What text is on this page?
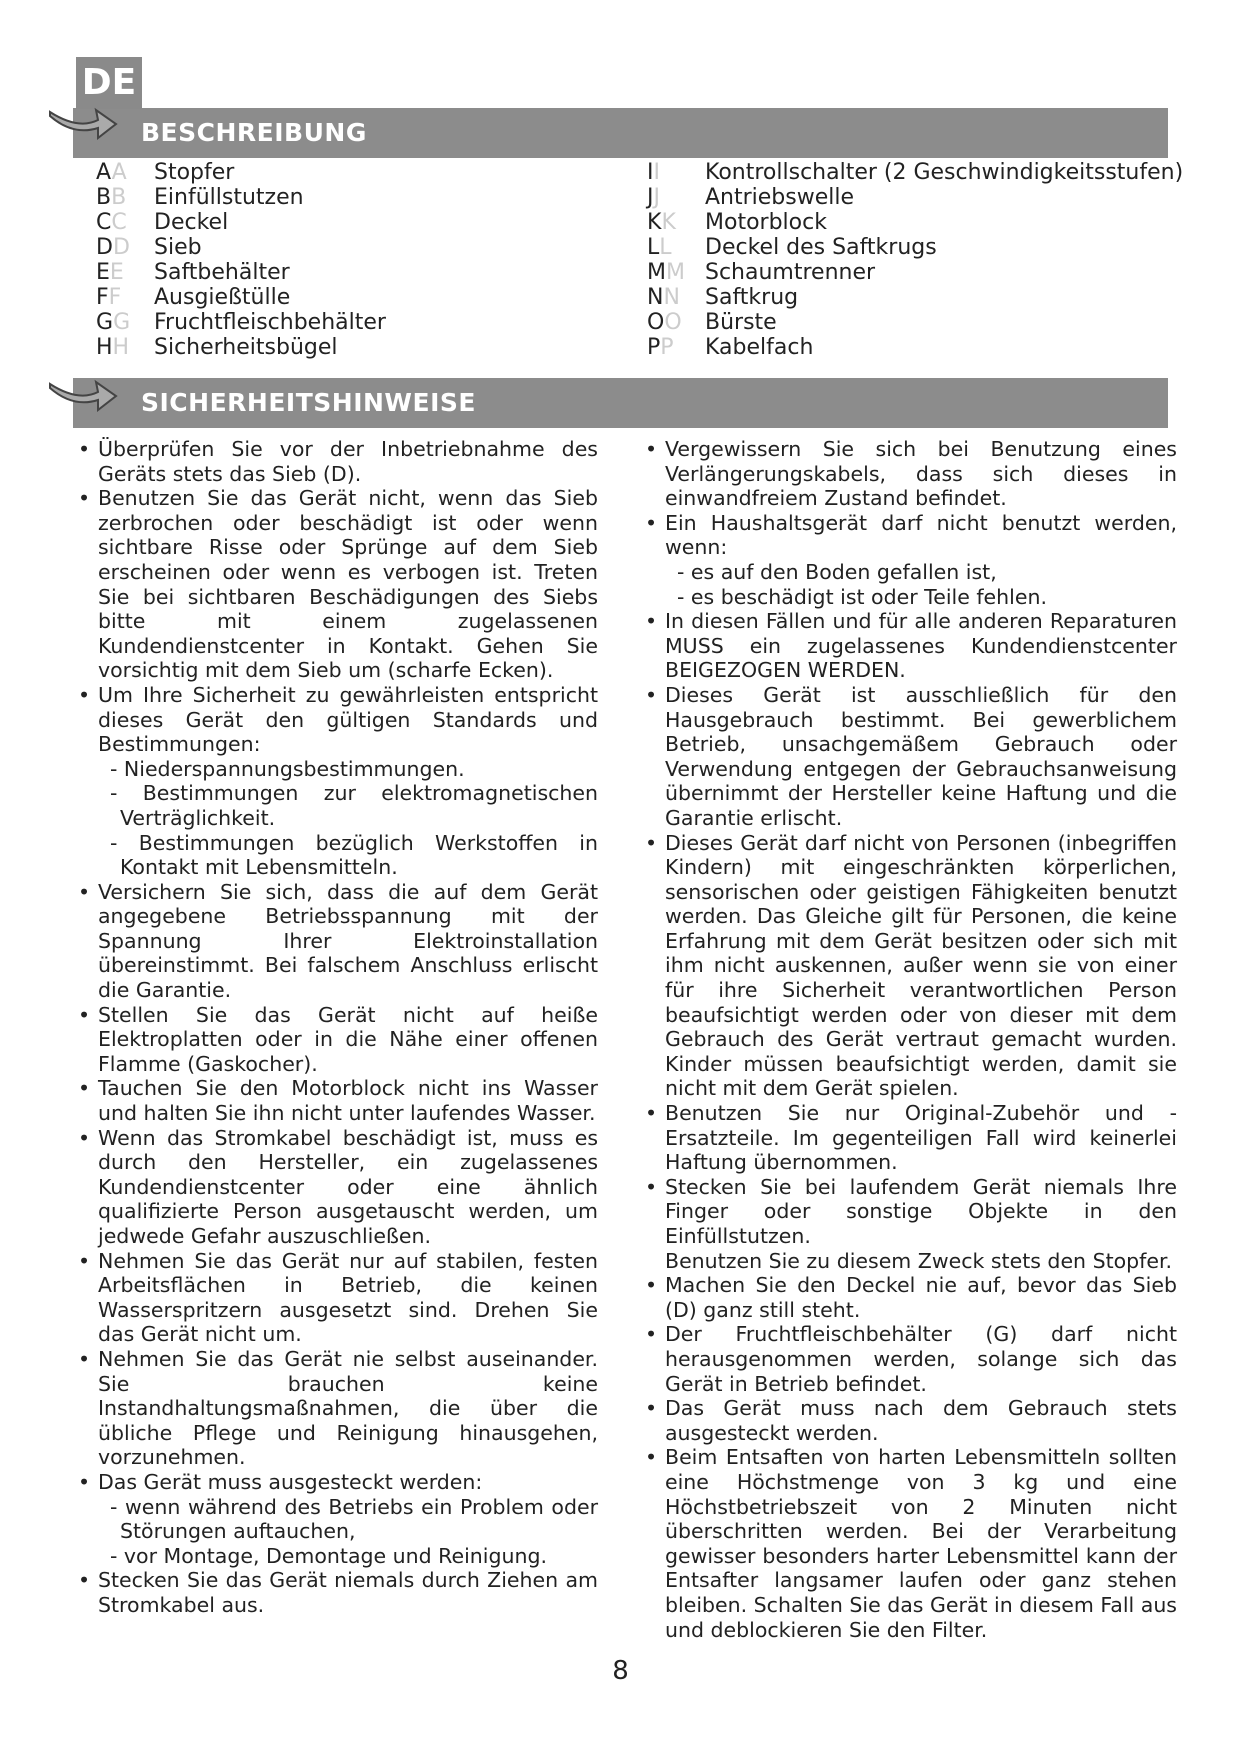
BESCHREIBUNG
DE
AA	Stopfer
BB	Einfüllstutzen
CC	Deckel
DD	Sieb
EE	Saftbehälter
FF	Ausgießtülle
GG	Fruchtfleischbehälter
HH	Sicherheitsbügel
II	Kontrollschalter (2 Geschwindigkeitsstufen)
JJ	Antriebswelle
KK	Motorblock
LL	Deckel des Saftkrugs
MM Schaumtrenner
NN	Saftkrug
OO	Bürste
PP	Kabelfach
SICHERHEITSHINWEISE

• Überprüfen Sie vor der Inbetriebnahme des Geräts stets das Sieb (D).

• Benutzen Sie das Gerät nicht, wenn das Sieb zerbrochen oder beschädigt ist oder wenn sichtbare Risse oder Sprünge auf dem Sieb erscheinen oder wenn es verbogen ist. Treten Sie bei sichtbaren Beschädigungen des Siebs bitte mit einem zugelassenen Kundendienstcenter in Kontakt. Gehen Sie vorsichtig mit dem Sieb um (scharfe Ecken).

• Um Ihre Sicherheit zu gewährleisten entspricht dieses Gerät den gültigen Standards und Bestimmungen:

- Niederspannungsbestimmungen.

- Bestimmungen zur elektromagnetischen Verträglichkeit.

- Bestimmungen bezüglich Werkstoffen in Kontakt mit Lebensmitteln.

• Versichern Sie sich, dass die auf dem Gerät angegebene Betriebsspannung mit der Spannung Ihrer Elektroinstallation übereinstimmt. Bei falschem Anschluss erlischt die Garantie.

• Stellen Sie das Gerät nicht auf heiße Elektroplatten oder in die Nähe einer offenen Flamme (Gaskocher).

• Tauchen Sie den Motorblock nicht ins Wasser und halten Sie ihn nicht unter laufendes Wasser.

• Wenn das Stromkabel beschädigt ist, muss es durch den Hersteller, ein zugelassenes Kundendienstcenter oder eine ähnlich qualifizierte Person ausgetauscht werden, um jedwede Gefahr auszuschließen.

• Nehmen Sie das Gerät nur auf stabilen, festen Arbeitsflächen in Betrieb, die keinen Wasserspritzern ausgesetzt sind. Drehen Sie das Gerät nicht um.

• Nehmen Sie das Gerät nie selbst auseinander. Sie brauchen keine Instandhaltungsmaßnahmen, die über die übliche Pflege und Reinigung hinausgehen, vorzunehmen.

• Das Gerät muss ausgesteckt werden:

- wenn während des Betriebs ein Problem oder Störungen auftauchen,

- vor Montage, Demontage und Reinigung.

• Stecken Sie das Gerät niemals durch Ziehen am Stromkabel aus.

• Vergewissern Sie sich bei Benutzung eines Verlängerungskabels, dass sich dieses in einwandfreiem Zustand befindet.

• Ein Haushaltsgerät darf nicht benutzt werden, wenn:

- es auf den Boden gefallen ist,

- es beschädigt ist oder Teile fehlen.

• In diesen Fällen und für alle anderen Reparaturen MUSS ein zugelassenes Kundendienstcenter BEIGEZOGEN WERDEN.

• Dieses Gerät ist ausschließlich für den Hausgebrauch bestimmt. Bei gewerblichem Betrieb, unsachgemäßem Gebrauch oder Verwendung entgegen der Gebrauchsanweisung übernimmt der Hersteller keine Haftung und die Garantie erlischt.

• Dieses Gerät darf nicht von Personen (inbegriffen Kindern) mit eingeschränkten körperlichen, sensorischen oder geistigen Fähigkeiten benutzt werden. Das Gleiche gilt für Personen, die keine Erfahrung mit dem Gerät besitzen oder sich mit ihm nicht auskennen, außer wenn sie von einer für ihre Sicherheit verantwortlichen Person beaufsichtigt werden oder von dieser mit dem Gebrauch des Gerät vertraut gemacht wurden. Kinder müssen beaufsichtigt werden, damit sie nicht mit dem Gerät spielen.

• Benutzen Sie nur Original-Zubehör und -Ersatzteile. Im gegenteiligen Fall wird keinerlei Haftung übernommen.

• Stecken Sie bei laufendem Gerät niemals Ihre Finger oder sonstige Objekte in den Einfüllstutzen.

Benutzen Sie zu diesem Zweck stets den Stopfer.

• Machen Sie den Deckel nie auf, bevor das Sieb (D) ganz still steht.

• Der Fruchtfleischbehälter (G) darf nicht herausgenommen werden, solange sich das Gerät in Betrieb befindet.

• Das Gerät muss nach dem Gebrauch stets ausgesteckt werden.

• Beim Entsaften von harten Lebensmitteln sollten eine Höchstmenge von 3 kg und eine Höchstbetriebszeit von 2 Minuten nicht überschritten werden. Bei der Verarbeitung gewisser besonders harter Lebensmittel kann der Entsafter langsamer laufen oder ganz stehen bleiben. Schalten Sie das Gerät in diesem Fall aus und deblockieren Sie den Filter.

8
